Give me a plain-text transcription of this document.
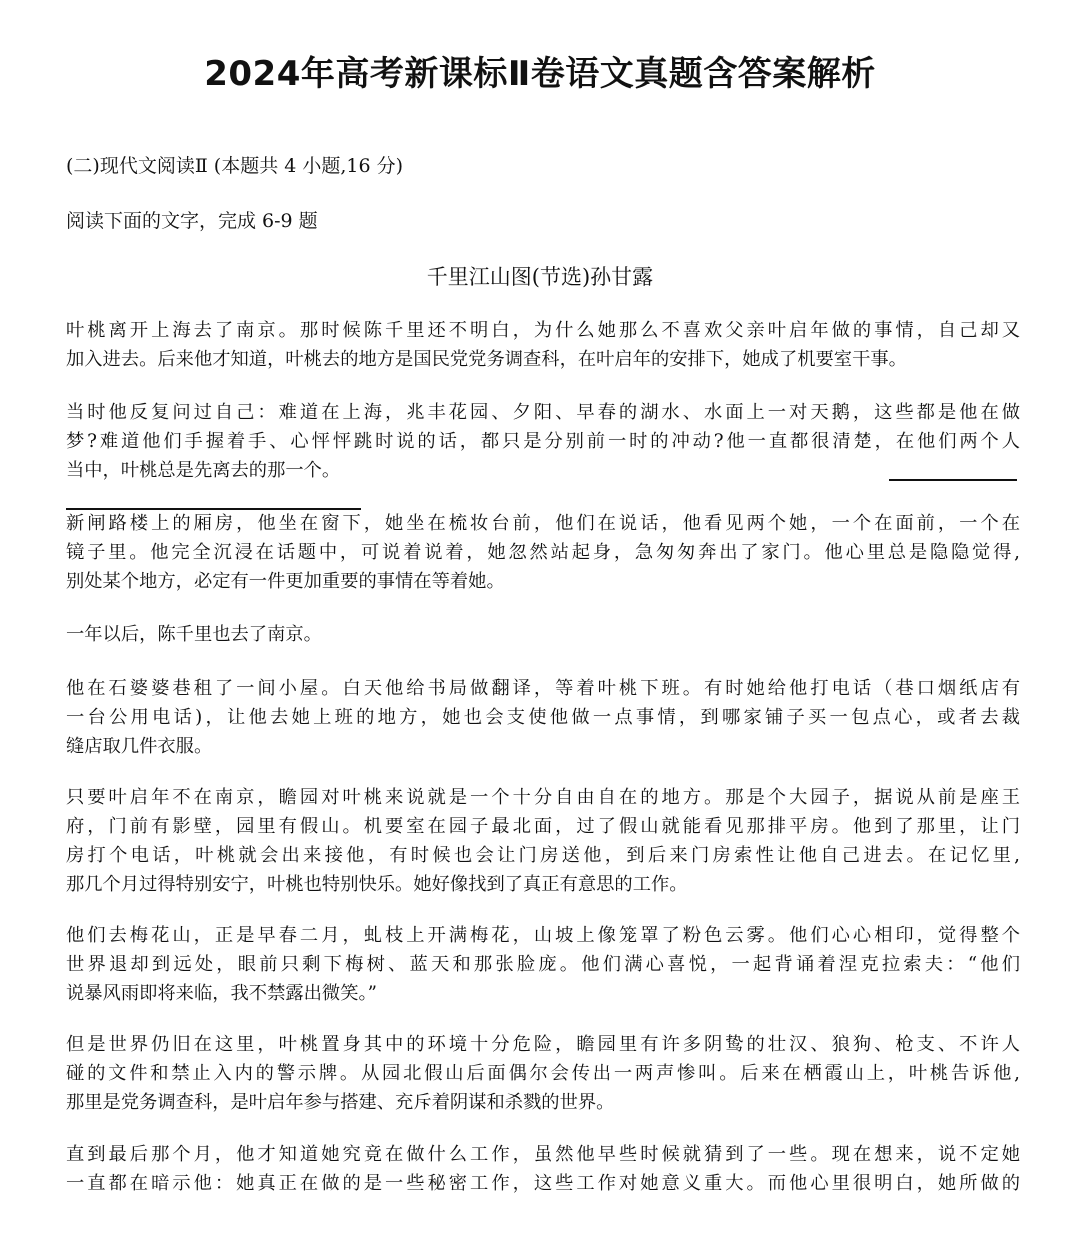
2024年高考新课标Ⅱ卷语文真题含答案解析
(二)现代文阅读Ⅱ (本题共 4 小题,16 分)
阅读下面的文字，完成 6-9 题
千里江山图(节选)孙甘露
叶桃离开上海去了南京。那时候陈千里还不明白，为什么她那么不喜欢父亲叶启年做的事情，自己却又
加入进去。后来他才知道，叶桃去的地方是国民党党务调查科，在叶启年的安排下，她成了机要室干事。
当时他反复问过自己：难道在上海，兆丰花园、夕阳、早春的湖水、水面上一对天鹅，这些都是他在做
梦?难道他们手握着手、心怦怦跳时说的话，都只是分别前一时的冲动?他一直都很清楚，在他们两个人
当中，叶桃总是先离去的那一个。
新闸路楼上的厢房，他坐在窗下，她坐在梳妆台前，他们在说话，他看见两个她，一个在面前，一个在
镜子里。他完全沉浸在话题中，可说着说着，她忽然站起身，急匆匆奔出了家门。他心里总是隐隐觉得,
别处某个地方，必定有一件更加重要的事情在等着她。
一年以后，陈千里也去了南京。
他在石婆婆巷租了一间小屋。白天他给书局做翻译，等着叶桃下班。有时她给他打电话（巷口烟纸店有
一台公用电话)，让他去她上班的地方，她也会支使他做一点事情，到哪家铺子买一包点心，或者去裁
缝店取几件衣服。
只要叶启年不在南京，瞻园对叶桃来说就是一个十分自由自在的地方。那是个大园子，据说从前是座王
府，门前有影壁，园里有假山。机要室在园子最北面，过了假山就能看见那排平房。他到了那里，让门
房打个电话，叶桃就会出来接他，有时候也会让门房送他，到后来门房索性让他自己进去。在记忆里,
那几个月过得特别安宁，叶桃也特别快乐。她好像找到了真正有意思的工作。
他们去梅花山，正是早春二月，虬枝上开满梅花，山坡上像笼罩了粉色云雾。他们心心相印，觉得整个
世界退却到远处，眼前只剩下梅树、蓝天和那张脸庞。他们满心喜悦，一起背诵着涅克拉索夫：“他们
说暴风雨即将来临，我不禁露出微笑。”
但是世界仍旧在这里，叶桃置身其中的环境十分危险，瞻园里有许多阴鸷的壮汉、狼狗、枪支、不许人
碰的文件和禁止入内的警示牌。从园北假山后面偶尔会传出一两声惨叫。后来在栖霞山上，叶桃告诉他,
那里是党务调查科，是叶启年参与搭建、充斥着阴谋和杀戮的世界。
直到最后那个月，他才知道她究竟在做什么工作，虽然他早些时候就猜到了一些。现在想来，说不定她
一直都在暗示他：她真正在做的是一些秘密工作，这些工作对她意义重大。而他心里很明白，她所做的
